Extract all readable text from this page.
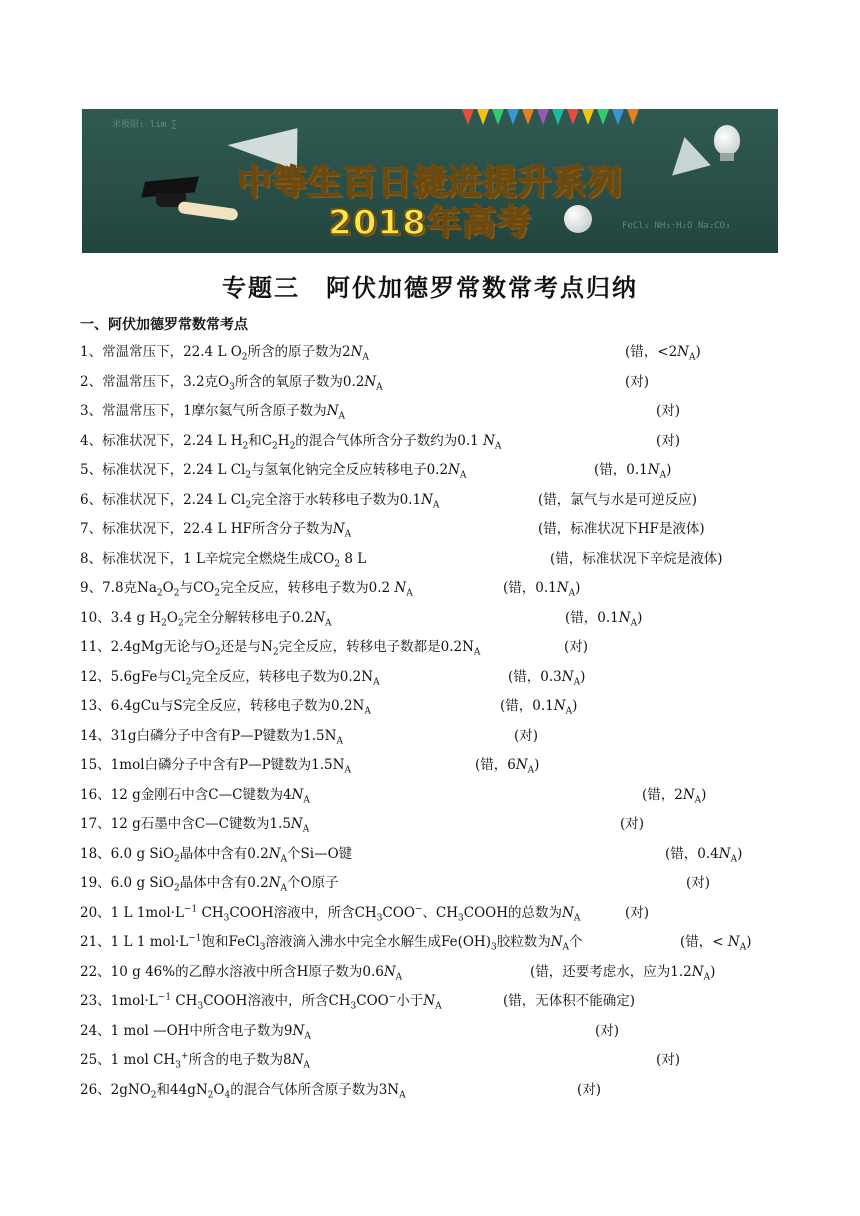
求极限: lim ∑
FeCl₃ NH₃·H₂O Na₂CO₃
中等生百日捷进提升系列
2018年高考
专题三　阿伏加德罗常数常考点归纳
一、阿伏加德罗常数常考点
1、常温常压下，22.4 L $O_2$所含的原子数为$2N_A$	(错，$<2N_A$)
2、常温常压下，3.2克$O_3$所含的氧原子数为$0.2N_A$	(对)
3、常温常压下，1摩尔氦气所含原子数为$N_A$	(对)
4、标准状况下，2.24 L $H_2$和$C_2H_2$的混合气体所含分子数约为0.1 $N_A$	(对)
5、标准状况下，2.24 L $Cl_2$与氢氧化钠完全反应转移电子$0.2N_A$	(错，$0.1N_A$)
6、标准状况下，2.24 L $Cl_2$完全溶于水转移电子数为$0.1N_A$	(错，氯气与水是可逆反应)
7、标准状况下，22.4 L HF所含分子数为$N_A$	(错，标准状况下HF是液体)
8、标准状况下，1 L辛烷完全燃烧生成$CO_2$ 8 L	(错，标准状况下辛烷是液体)
9、7.8克$Na_2O_2$与$CO_2$完全反应，转移电子数为0.2 $N_A$	(错，$0.1N_A$)
10、3.4 g $H_2O_2$完全分解转移电子$0.2N_A$	(错，$0.1N_A$)
11、2.4gMg无论与$O_2$还是与$N_2$完全反应，转移电子数都是$0.2N_A$	(对)
12、5.6gFe与$Cl_2$完全反应，转移电子数为$0.2N_A$	(错，$0.3N_A$)
13、6.4gCu与S完全反应，转移电子数为$0.2N_A$	(错，$0.1N_A$)
14、31g白磷分子中含有P—P键数为$1.5N_A$	(对)
15、1mol白磷分子中含有P—P键数为$1.5N_A$	(错，$6N_A$)
16、12 g金刚石中含C—C键数为$4N_A$	(错，$2N_A$)
17、12 g石墨中含C—C键数为$1.5N_A$	(对)
18、6.0 g SiO$_2$晶体中含有$0.2N_A$个Si—O键	(错，$0.4N_A$)
19、6.0 g SiO$_2$晶体中含有$0.2N_A$个O原子	(对)
20、1 L $1mol\cdot L^{-1}$ $CH_3COOH$溶液中，所含$CH_3COO^-$、$CH_3COOH$的总数为$N_A$	(对)
21、1 L 1 $mol\cdot L^{-1}$饱和FeCl$_3$溶液滴入沸水中完全水解生成$Fe(OH)_3$胶粒数为$N_A$个	(错，< $N_A$)
22、10 g 46%的乙醇水溶液中所含H原子数为$0.6N_A$	(错，还要考虑水，应为$1.2N_A$)
23、$1mol\cdot L^{-1}$ $CH_3COOH$溶液中，所含$CH_3COO^-$小于$N_A$	(错，无体积不能确定)
24、1 mol —OH中所含电子数为$9N_A$	(对)
25、1 mol $CH_3^+$所含的电子数为$8N_A$	(对)
26、2gNO$_2$和$44gN_2O_4$的混合气体所含原子数为$3N_A$	(对)
